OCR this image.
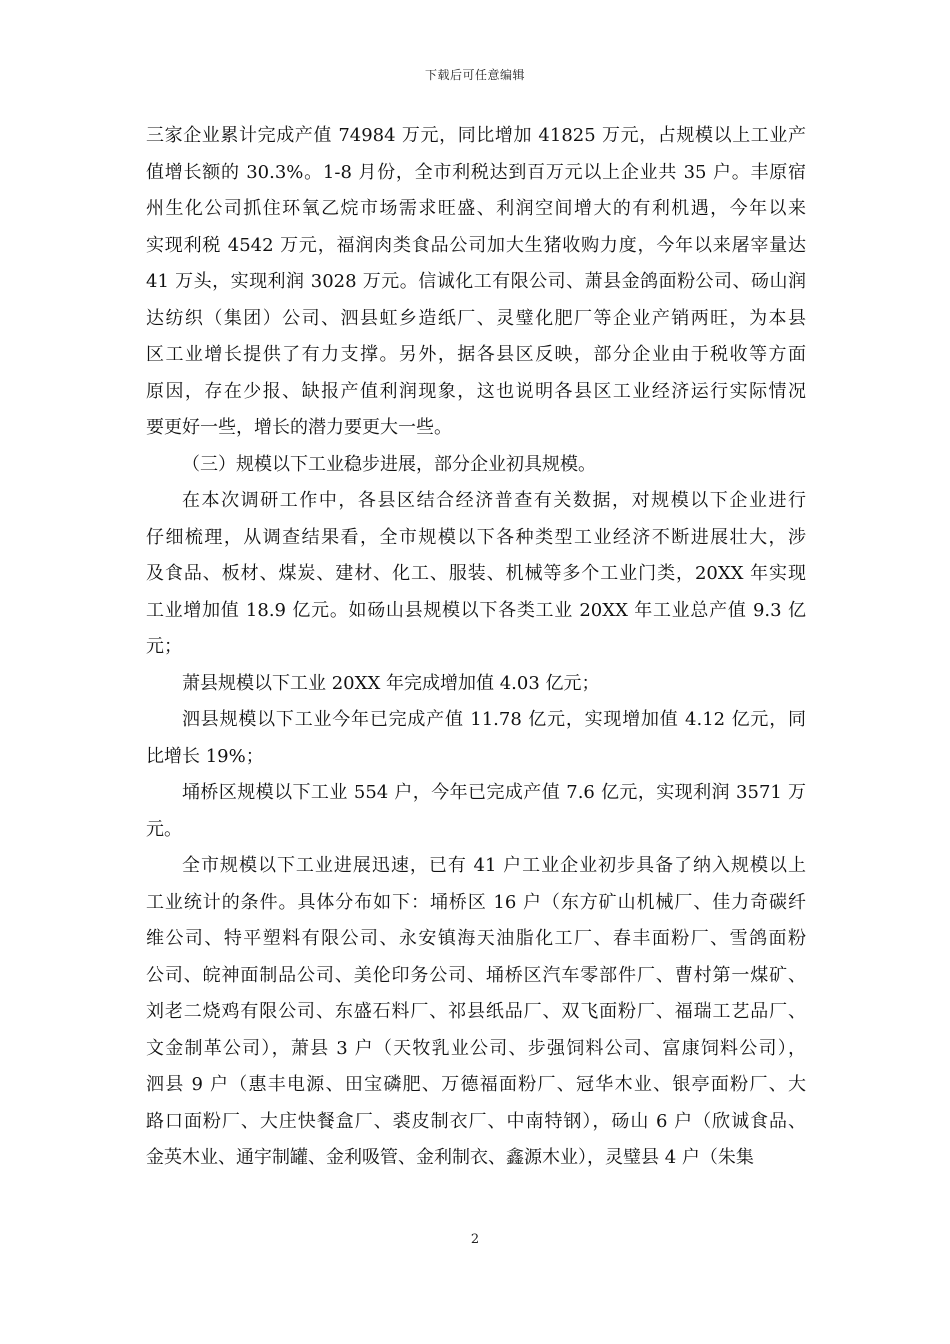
下载后可任意编辑
三家企业累计完成产值 74984 万元，同比增加 41825 万元，占规模以上工业产
值增长额的 30.3%。1-8 月份，全市利税达到百万元以上企业共 35 户。丰原宿
州生化公司抓住环氧乙烷市场需求旺盛、利润空间增大的有利机遇，今年以来
实现利税 4542 万元，福润肉类食品公司加大生猪收购力度，今年以来屠宰量达
41 万头，实现利润 3028 万元。信诚化工有限公司、萧县金鸽面粉公司、砀山润
达纺织（集团）公司、泗县虹乡造纸厂、灵璧化肥厂等企业产销两旺，为本县
区工业增长提供了有力支撑。另外，据各县区反映，部分企业由于税收等方面
原因，存在少报、缺报产值利润现象，这也说明各县区工业经济运行实际情况
要更好一些，增长的潜力要更大一些。
（三）规模以下工业稳步进展，部分企业初具规模。
在本次调研工作中，各县区结合经济普查有关数据，对规模以下企业进行
仔细梳理，从调查结果看，全市规模以下各种类型工业经济不断进展壮大，涉
及食品、板材、煤炭、建材、化工、服装、机械等多个工业门类，20XX 年实现
工业增加值 18.9 亿元。如砀山县规模以下各类工业 20XX 年工业总产值 9.3 亿
元；
萧县规模以下工业 20XX 年完成增加值 4.03 亿元；
泗县规模以下工业今年已完成产值 11.78 亿元，实现增加值 4.12 亿元，同
比增长 19%；
埇桥区规模以下工业 554 户，今年已完成产值 7.6 亿元，实现利润 3571 万
元。
全市规模以下工业进展迅速，已有 41 户工业企业初步具备了纳入规模以上
工业统计的条件。具体分布如下：埇桥区 16 户（东方矿山机械厂、佳力奇碳纤
维公司、特平塑料有限公司、永安镇海天油脂化工厂、春丰面粉厂、雪鸽面粉
公司、皖神面制品公司、美伦印务公司、埇桥区汽车零部件厂、曹村第一煤矿、
刘老二烧鸡有限公司、东盛石料厂、祁县纸品厂、双飞面粉厂、福瑞工艺品厂、
文金制革公司），萧县 3 户（天牧乳业公司、步强饲料公司、富康饲料公司），
泗县 9 户（惠丰电源、田宝磷肥、万德福面粉厂、冠华木业、银亭面粉厂、大
路口面粉厂、大庄快餐盒厂、裘皮制衣厂、中南特钢），砀山 6 户（欣诚食品、
金英木业、通宇制罐、金利吸管、金利制衣、鑫源木业），灵璧县 4 户（朱集
2
